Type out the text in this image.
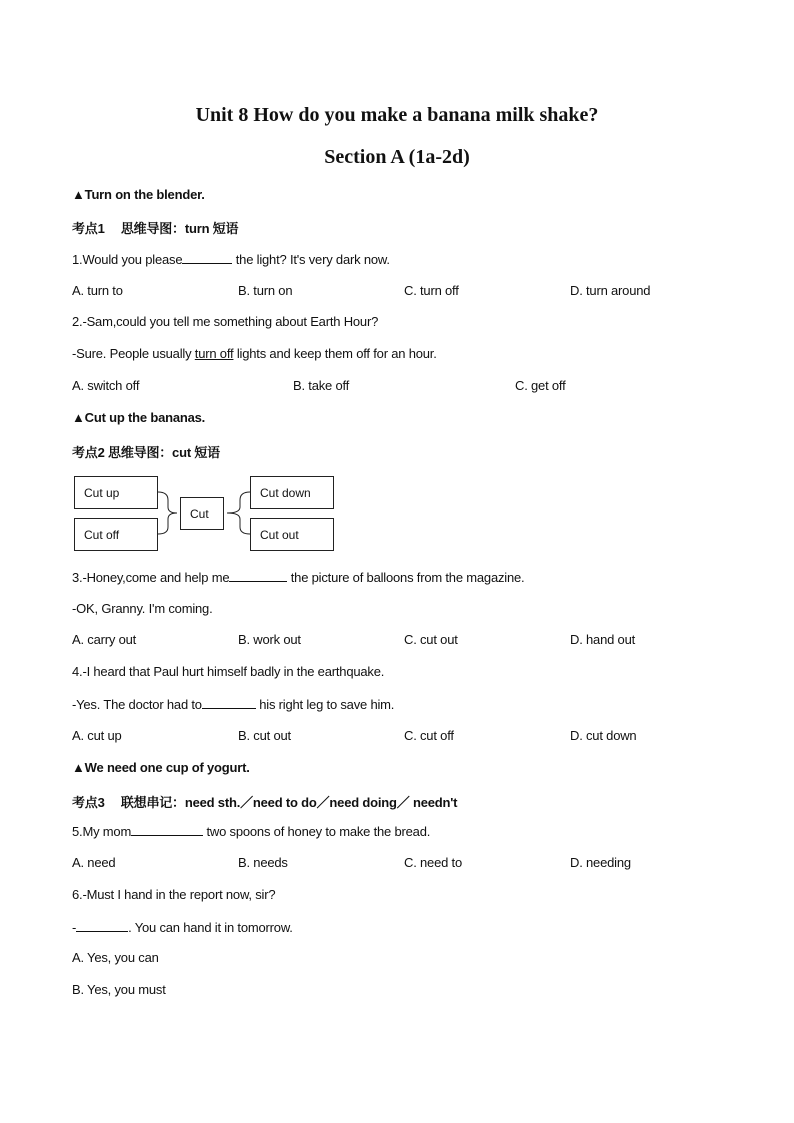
Unit 8 How do you make a banana milk shake?
Section A (1a-2d)
▲Turn on the blender.
考点1　 思维导图：turn 短语
1.Would you please	the light? It's very dark now.
A. turn to	B. turn on	C. turn off	D. turn around
2.-Sam,could you tell me something about Earth Hour?
-Sure. People usually turn off lights and keep them off for an hour.
A. switch off	B. take off	C. get off
▲Cut up the bananas.
考点2 思维导图：cut 短语
Cut up
Cut off
Cut
Cut down
Cut out
3.-Honey,come and help me	the picture of balloons from the magazine.
-OK, Granny. I'm coming.
A. carry out	B. work out	C. cut out	D. hand out
4.-I heard that Paul hurt himself badly in the earthquake.
-Yes. The doctor had to	his right leg to save him.
A. cut up	B. cut out	C. cut off	D. cut down
▲We need one cup of yogurt.
考点3　 联想串记：need sth.／need to do／need doing／ needn't
5.My mom	two spoons of honey to make the bread.
A. need	B. needs	C. need to	D. needing
6.-Must I hand in the report now, sir?
-	. You can hand it in tomorrow.
A. Yes, you can
B. Yes, you must
